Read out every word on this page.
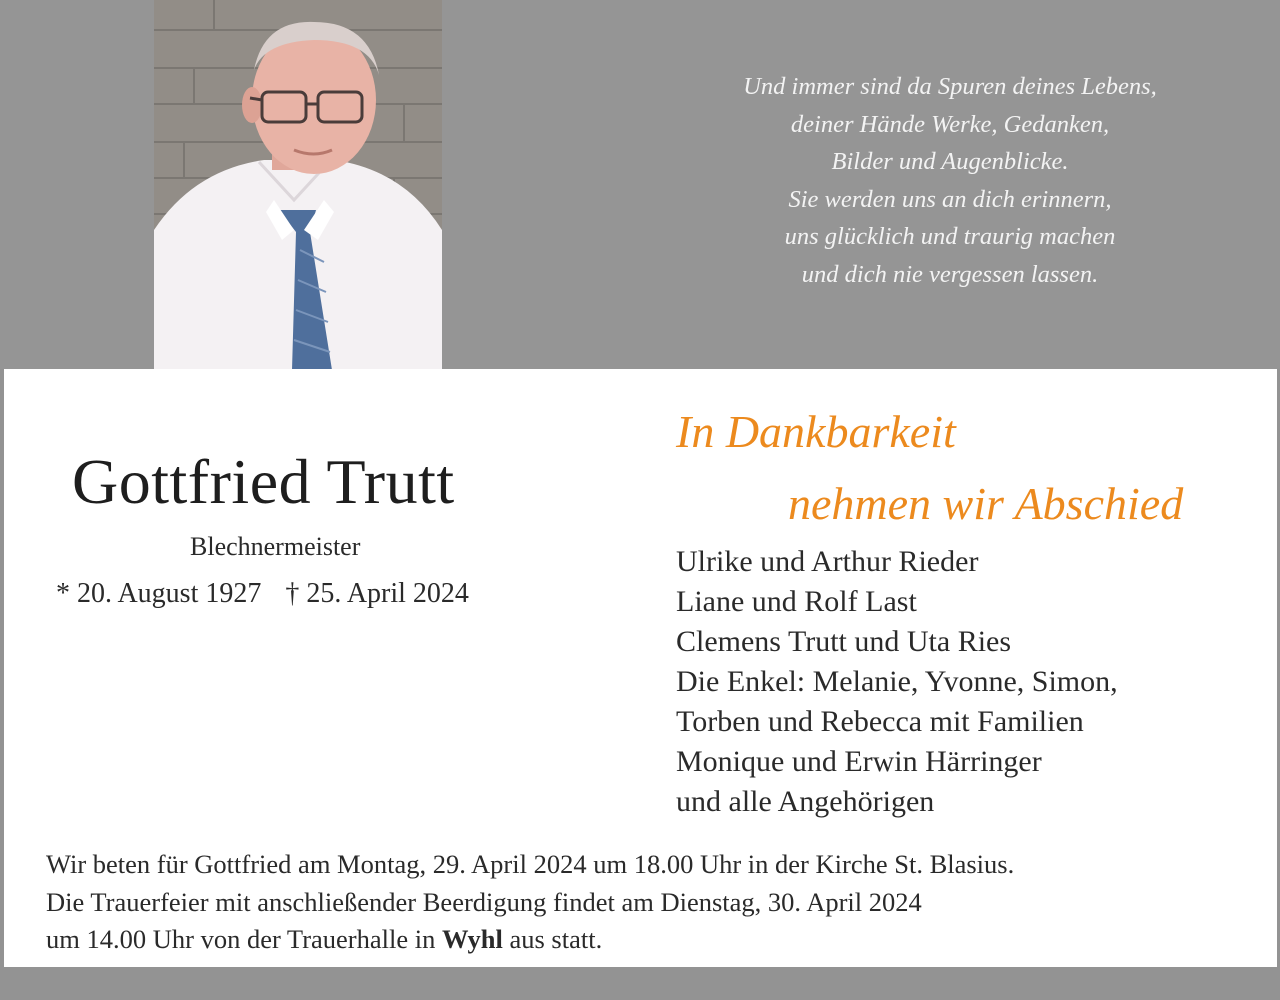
Und immer sind da Spuren deines Lebens,
deiner Hände Werke, Gedanken,
Bilder und Augenblicke.
Sie werden uns an dich erinnern,
uns glücklich und traurig machen
und dich nie vergessen lassen.
Gottfried Trutt
Blechnermeister
* 20. August 1927 † 25. April 2024
In Dankbarkeit
nehmen wir Abschied
Ulrike und Arthur Rieder
Liane und Rolf Last
Clemens Trutt und Uta Ries
Die Enkel: Melanie, Yvonne, Simon,
Torben und Rebecca mit Familien
Monique und Erwin Härringer
und alle Angehörigen
Wir beten für Gottfried am Montag, 29. April 2024 um 18.00 Uhr in der Kirche St. Blasius.
Die Trauerfeier mit anschließender Beerdigung findet am Dienstag, 30. April 2024
um 14.00 Uhr von der Trauerhalle in Wyhl aus statt.
